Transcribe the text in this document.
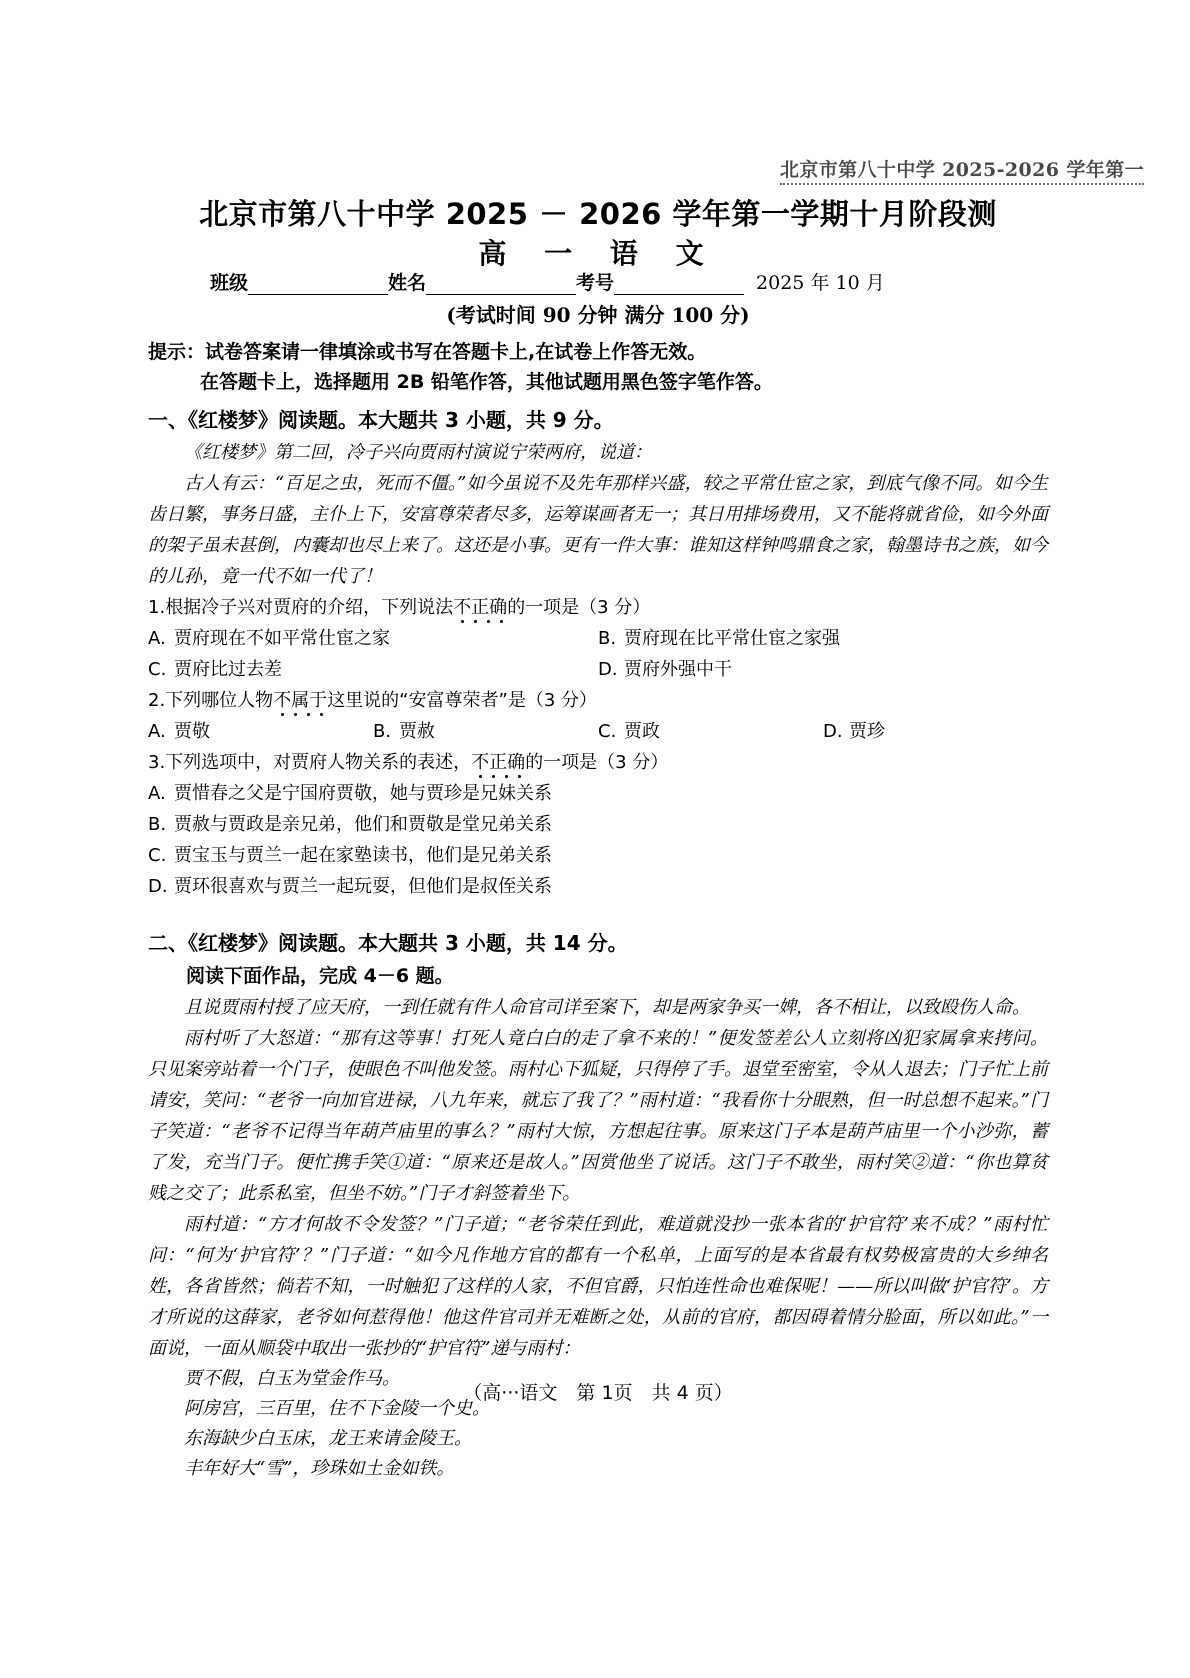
北京市第八十中学 2025-2026 学年第一
北京市第八十中学 2025 － 2026 学年第一学期十月阶段测
高 一 语 文
班级	姓名	考号	2025 年 10 月
(考试时间 90 分钟 满分 100 分)
提示：试卷答案请一律填涂或书写在答题卡上,在试卷上作答无效。
在答题卡上，选择题用 2B 铅笔作答，其他试题用黑色签字笔作答。
一、《红楼梦》阅读题。本大题共 3 小题，共 9 分。
《红楼梦》第二回，冷子兴向贾雨村演说宁荣两府，说道：
古人有云：“百足之虫，死而不僵。”如今虽说不及先年那样兴盛，较之平常仕宦之家，到底气像不同。如今生齿日繁，事务日盛，主仆上下，安富尊荣者尽多，运筹谋画者无一；其日用排场费用，又不能将就省俭，如今外面的架子虽未甚倒，内囊却也尽上来了。这还是小事。更有一件大事：谁知这样钟鸣鼎食之家，翰墨诗书之族，如今的儿孙，竟一代不如一代了！
1.根据冷子兴对贾府的介绍，下列说法不正确的一项是（3 分）
A. 贾府现在不如平常仕宦之家	B. 贾府现在比平常仕宦之家强
C. 贾府比过去差	D. 贾府外强中干
2.下列哪位人物不属于这里说的“安富尊荣者”是（3 分）
A. 贾敬	B. 贾赦	C. 贾政	D. 贾珍
3.下列选项中，对贾府人物关系的表述，不正确的一项是（3 分）
A. 贾惜春之父是宁国府贾敬，她与贾珍是兄妹关系
B. 贾赦与贾政是亲兄弟，他们和贾敬是堂兄弟关系
C. 贾宝玉与贾兰一起在家塾读书，他们是兄弟关系
D. 贾环很喜欢与贾兰一起玩耍，但他们是叔侄关系
二、《红楼梦》阅读题。本大题共 3 小题，共 14 分。
阅读下面作品，完成 4－6 题。
且说贾雨村授了应天府，一到任就有件人命官司详至案下，却是两家争买一婢，各不相让，以致殴伤人命。
雨村听了大怒道：“那有这等事！打死人竟白白的走了拿不来的！”便发签差公人立刻将凶犯家属拿来拷问。只见案旁站着一个门子，使眼色不叫他发签。雨村心下狐疑，只得停了手。退堂至密室，令从人退去；门子忙上前请安，笑问：“老爷一向加官进禄，八九年来，就忘了我了？”雨村道：“我看你十分眼熟，但一时总想不起来。”门子笑道：“老爷不记得当年葫芦庙里的事么？”雨村大惊，方想起往事。原来这门子本是葫芦庙里一个小沙弥，蓄了发，充当门子。便忙携手笑①道：“原来还是故人。”因赏他坐了说话。这门子不敢坐，雨村笑②道：“你也算贫贱之交了；此系私室，但坐不妨。”门子才斜签着坐下。
雨村道：“方才何故不令发签？”门子道；“老爷荣任到此，难道就没抄一张本省的‘护官符’来不成？”雨村忙问：“何为‘护官符’？”门子道：“如今凡作地方官的都有一个私单，上面写的是本省最有权势极富贵的大乡绅名姓，各省皆然；倘若不知，一时触犯了这样的人家，不但官爵，只怕连性命也难保呢！——所以叫做‘护官符’。方才所说的这薛家，老爷如何惹得他！他这件官司并无难断之处，从前的官府，都因碍着情分脸面，所以如此。”一面说，一面从顺袋中取出一张抄的“护官符”递与雨村：
贾不假，白玉为堂金作马。
阿房宫，三百里，住不下金陵一个史。
东海缺少白玉床，龙王来请金陵王。
丰年好大“雪”，珍珠如土金如铁。
（高···语文　第 1页　共 4 页）
